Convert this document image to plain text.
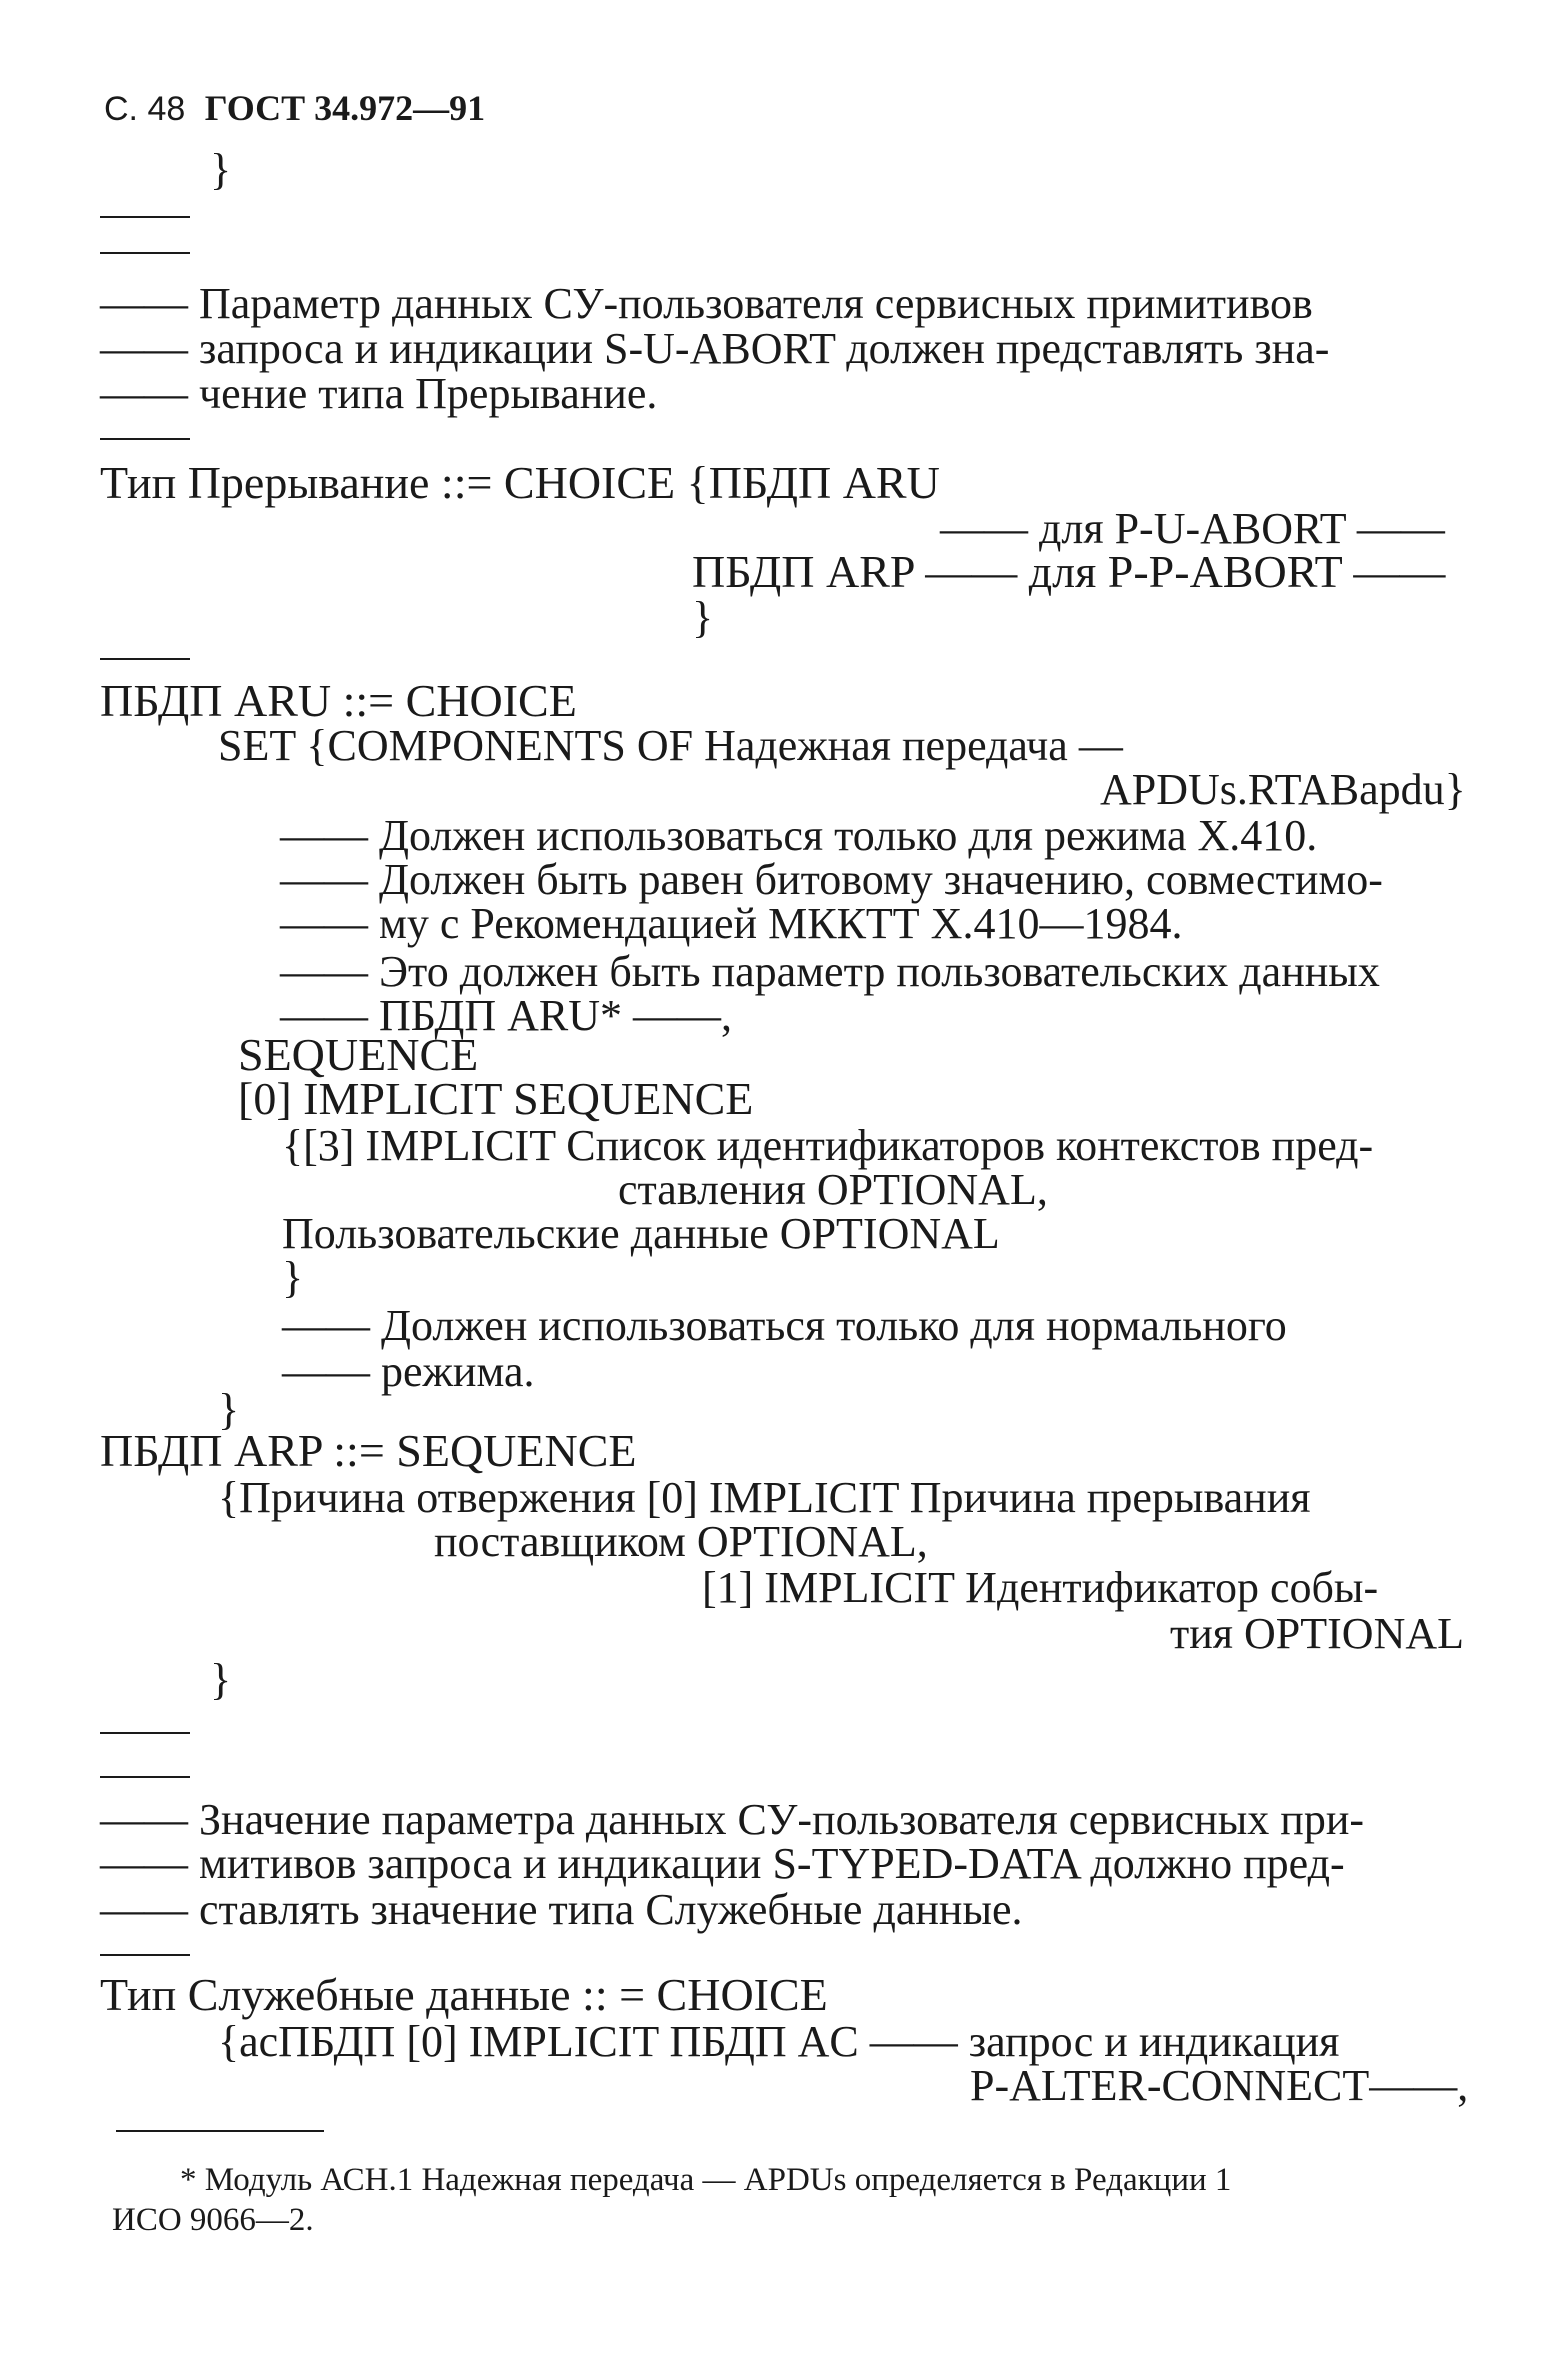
С. 48 ГОСТ 34.972—91
}
—— Параметр данных СУ-пользователя сервисных примитивов
—— запроса и индикации S-U-ABORT должен представлять зна-
—— чение типа Прерывание.
Тип Прерывание ::= CHOICE {ПБДП ARU
—— для P-U-ABORT ——
ПБДП ARP —— для P-P-ABORT ——
}
ПБДП ARU ::= CHOICE
SET {COMPONENTS OF Надежная передача —
APDUs.RTABapdu}
—— Должен использоваться только для режима X.410.
—— Должен быть равен битовому значению, совместимо-
—— му с Рекомендацией МККТТ X.410—1984.
—— Это должен быть параметр пользовательских данных
—— ПБДП ARU* ——,
SEQUENCE
[0] IMPLICIT SEQUENCE
{[3] IMPLICIT Список идентификаторов контекстов пред-
ставления OPTIONAL,
Пользовательские данные OPTIONAL
}
—— Должен использоваться только для нормального
—— режима.
}
ПБДП ARP ::= SEQUENCE
{Причина отвержения [0] IMPLICIT Причина прерывания
поставщиком OPTIONAL,
[1] IMPLICIT Идентификатор собы-
тия OPTIONAL
}
—— Значение параметра данных СУ-пользователя сервисных при-
—— митивов запроса и индикации S-TYPED-DATA должно пред-
—— ставлять значение типа Служебные данные.
Тип Служебные данные :: = CHOICE
{асПБДП [0] IMPLICIT ПБДП AC —— запрос и индикация
P-ALTER-CONNECT——,
* Модуль АСН.1 Надежная передача — APDUs определяется в Редакции 1
ИСО 9066—2.
